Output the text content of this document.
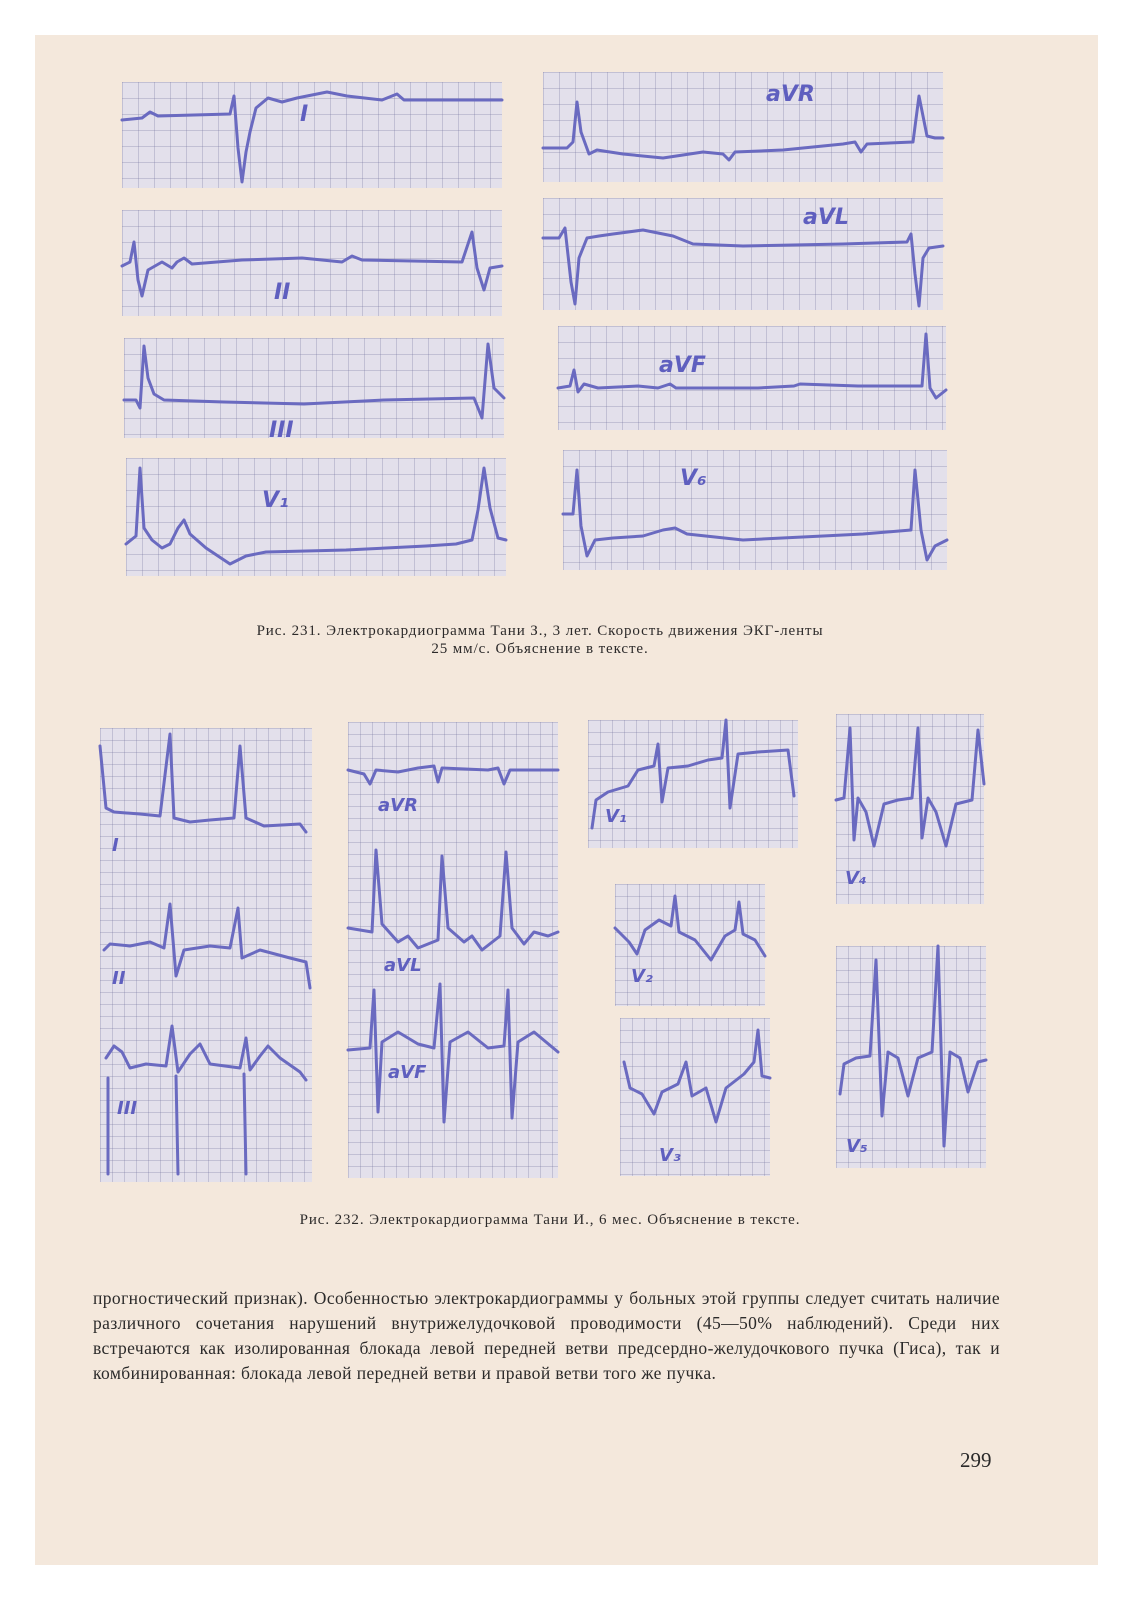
I
II
III
V₁
aVR
aVL
aVF
V₆
Рис. 231. Электрокардиограмма Тани З., 3 лет. Скорость движения ЭКГ-ленты
25 мм/с. Объяснение в тексте.
I
II
III
aVR
aVL
aVF
V₁
V₂
V₃
V₄
V₅
Рис. 232. Электрокардиограмма Тани И., 6 мес. Объяснение в тексте.
прогностический признак). Особенностью электрокардиограммы у больных этой группы следует считать наличие различного сочетания нарушений внутрижелудочковой проводимости (45—50% наблюдений). Среди них встречаются как изолированная блокада левой передней ветви предсердно-желудочкового пучка (Гиса), так и комбинированная: блокада левой передней ветви и правой ветви того же пучка.
299
